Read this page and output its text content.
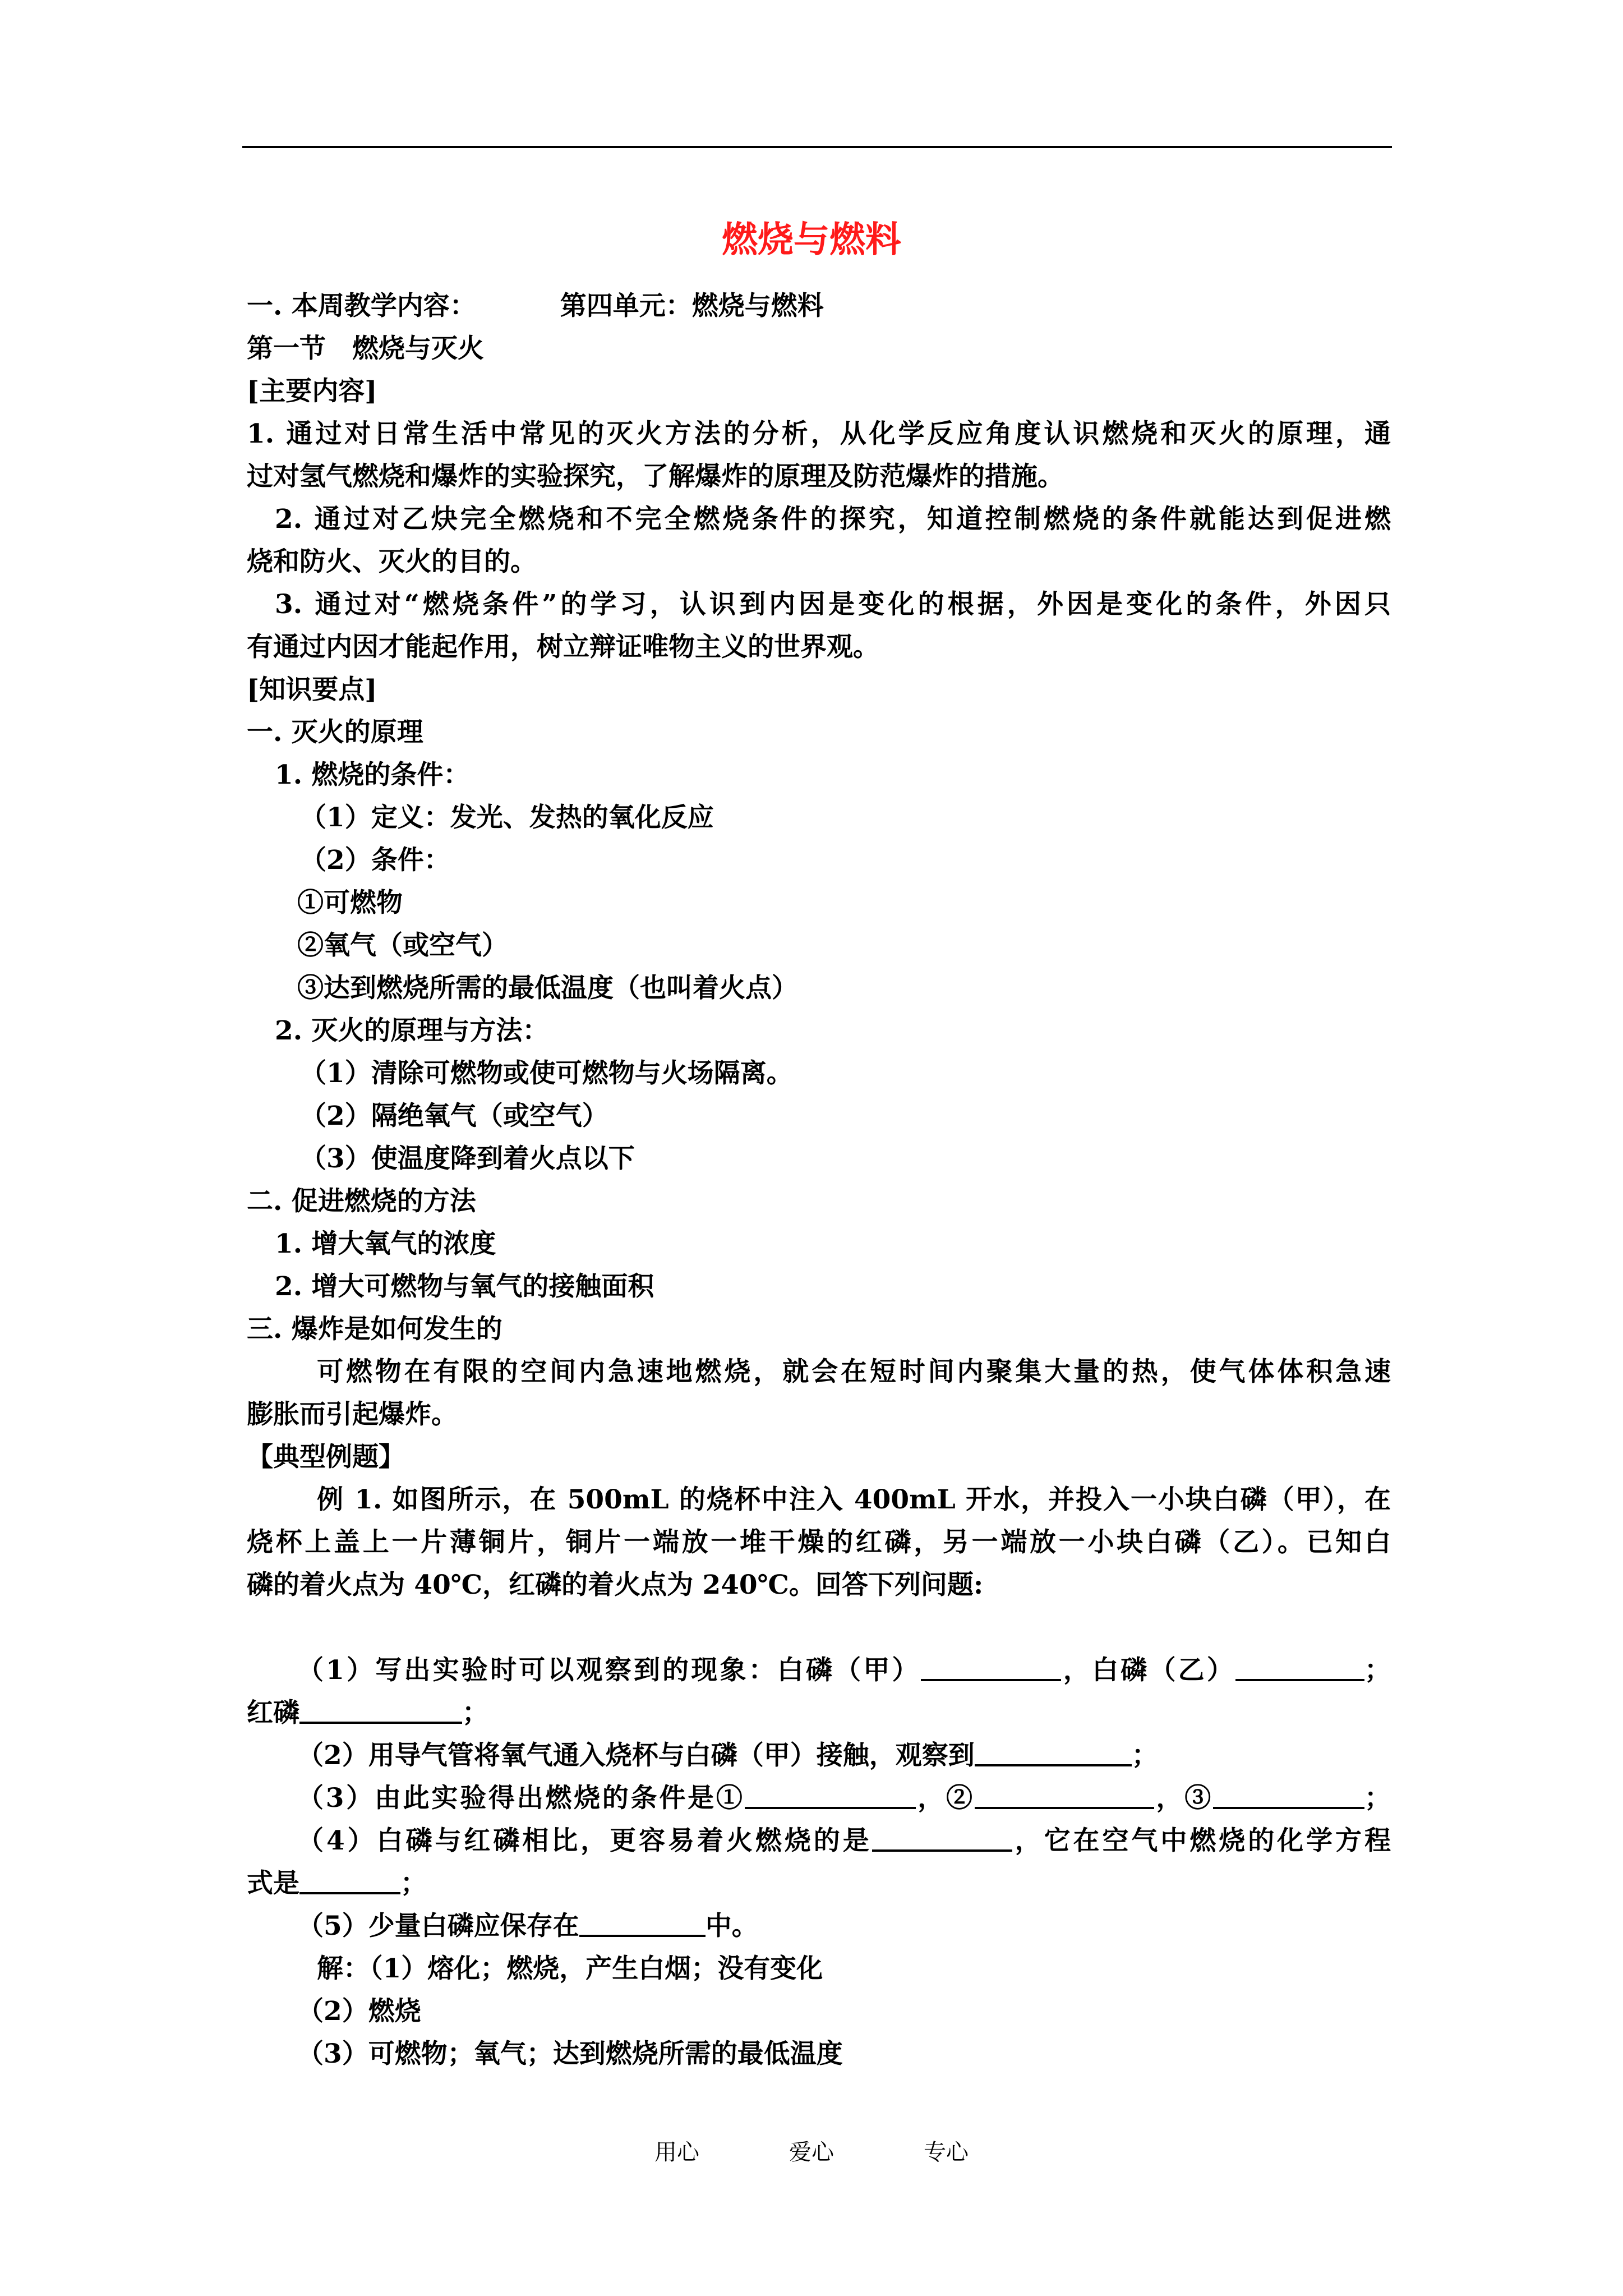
燃烧与燃料
一. 本周教学内容：	第四单元：燃烧与燃料
第一节　燃烧与灭火
[主要内容]
1. 通过对日常生活中常见的灭火方法的分析，从化学反应角度认识燃烧和灭火的原理，通
过对氢气燃烧和爆炸的实验探究，了解爆炸的原理及防范爆炸的措施。
2. 通过对乙炔完全燃烧和不完全燃烧条件的探究，知道控制燃烧的条件就能达到促进燃
烧和防火、灭火的目的。
3. 通过对“燃烧条件”的学习，认识到内因是变化的根据，外因是变化的条件，外因只
有通过内因才能起作用，树立辩证唯物主义的世界观。
[知识要点]
一. 灭火的原理
1. 燃烧的条件：
（1）定义：发光、发热的氧化反应
（2）条件：
①可燃物
②氧气（或空气）
③达到燃烧所需的最低温度（也叫着火点）
2. 灭火的原理与方法：
（1）清除可燃物或使可燃物与火场隔离。
（2）隔绝氧气（或空气）
（3）使温度降到着火点以下
二. 促进燃烧的方法
1. 增大氧气的浓度
2. 增大可燃物与氧气的接触面积
三. 爆炸是如何发生的
可燃物在有限的空间内急速地燃烧，就会在短时间内聚集大量的热，使气体体积急速
膨胀而引起爆炸。
【典型例题】
例 1. 如图所示，在 500mL 的烧杯中注入 400mL 开水，并投入一小块白磷（甲），在
烧杯上盖上一片薄铜片，铜片一端放一堆干燥的红磷，另一端放一小块白磷（乙）。已知白
磷的着火点为 40℃，红磷的着火点为 240℃。回答下列问题:
（1）写出实验时可以观察到的现象：白磷（甲）	，白磷（乙）	；
红磷	；
（2）用导气管将氧气通入烧杯与白磷（甲）接触，观察到	；
（3）由此实验得出燃烧的条件是①	，②	，③	；
（4）白磷与红磷相比，更容易着火燃烧的是	，它在空气中燃烧的化学方程
式是	；
（5）少量白磷应保存在	中。
解：（1）熔化；燃烧，产生白烟；没有变化
（2）燃烧
（3）可燃物；氧气；达到燃烧所需的最低温度
用心	爱心	专心
